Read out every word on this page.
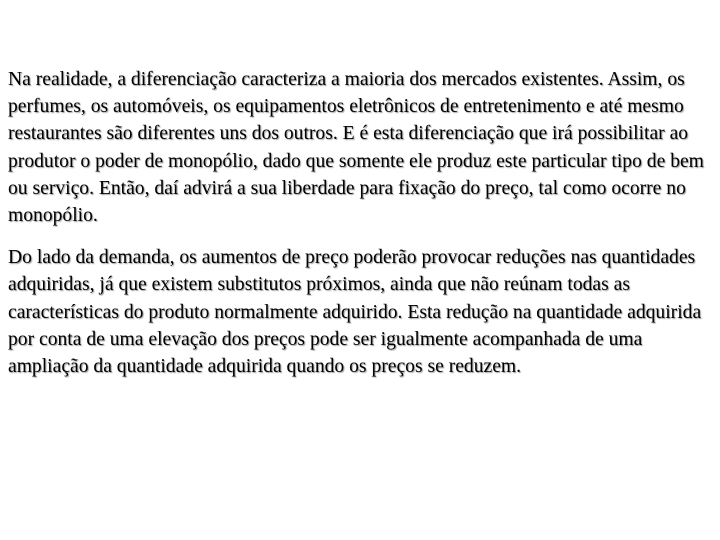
Na realidade, a diferenciação caracteriza a maioria dos mercados existentes. Assim, os perfumes, os automóveis, os equipamentos eletrônicos de entretenimento e até mesmo restaurantes são diferentes uns dos outros. E é esta diferenciação que irá possibilitar ao produtor o poder de monopólio, dado que somente ele produz este particular tipo de bem ou serviço. Então, daí advirá a sua liberdade para fixação do preço, tal como ocorre no monopólio.

Do lado da demanda, os aumentos de preço poderão provocar reduções nas quantidades adquiridas, já que existem substitutos próximos, ainda que não reúnam todas as características do produto normalmente adquirido. Esta redução na quantidade adquirida por conta de uma elevação dos preços pode ser igualmente acompanhada de uma ampliação da quantidade adquirida quando os preços se reduzem.
